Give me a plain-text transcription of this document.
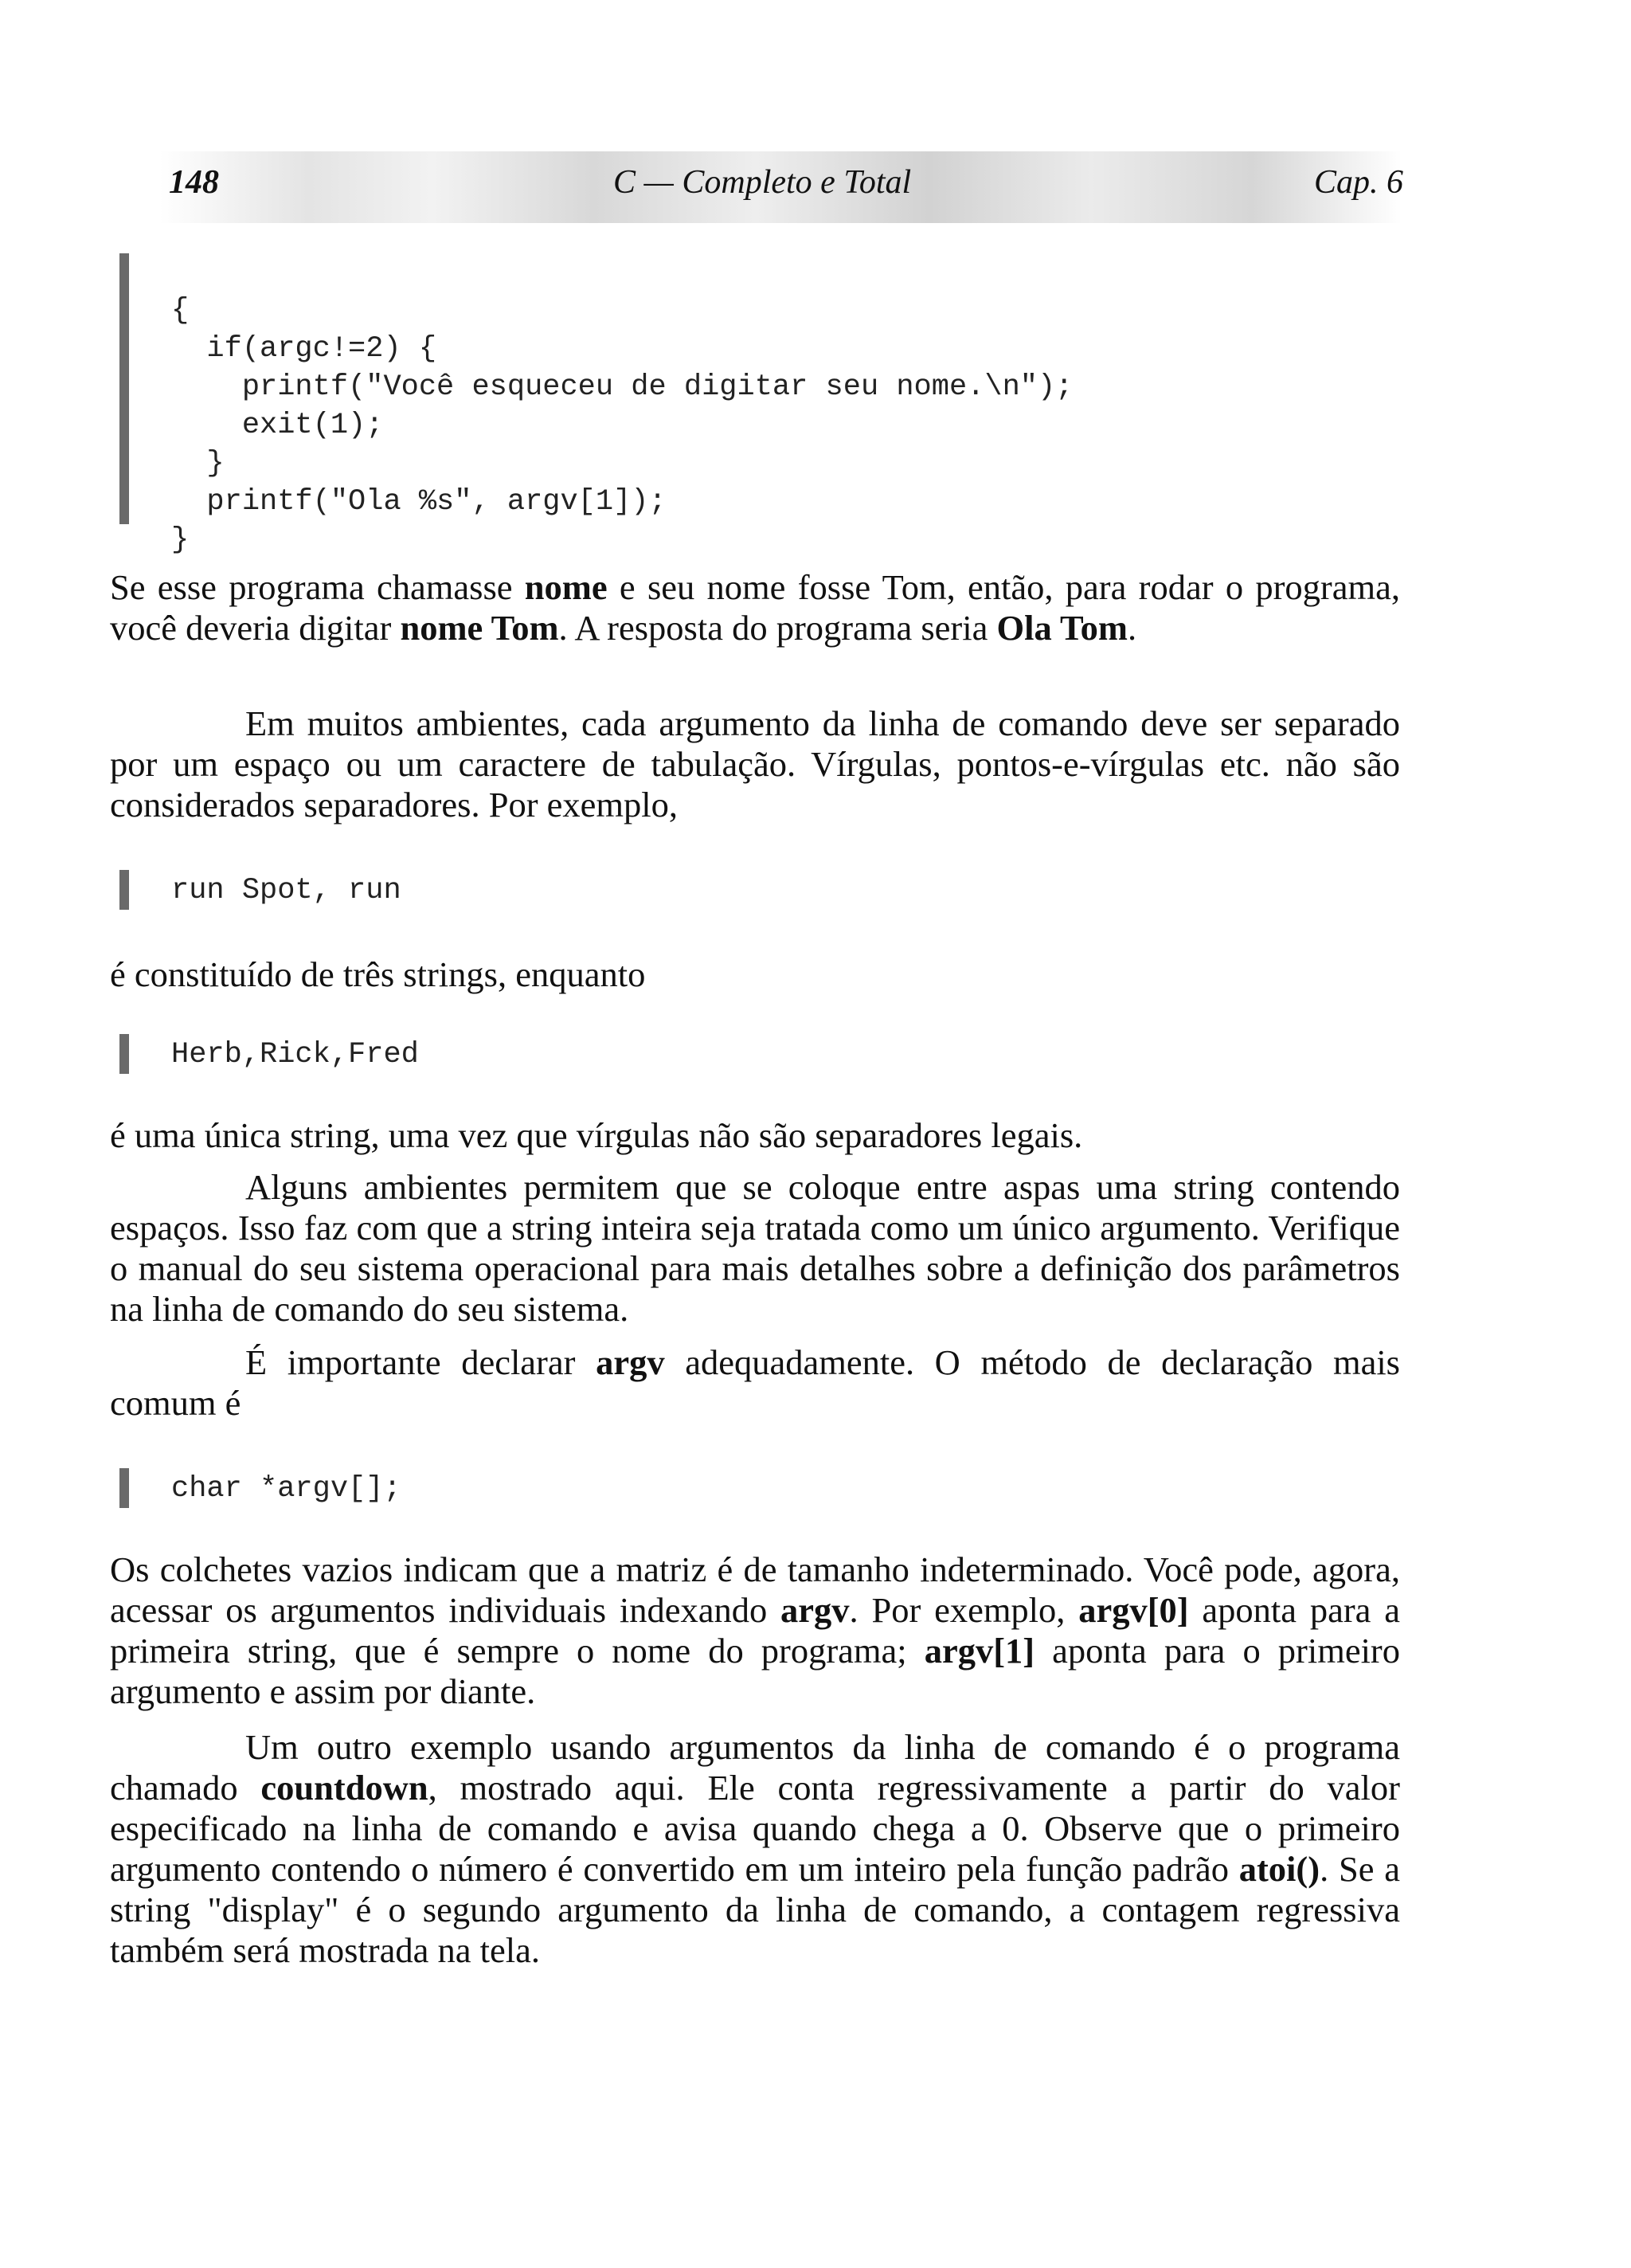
148	C — Completo e Total	Cap. 6

{
if(argc!=2) {
printf("Você esqueceu de digitar seu nome.\n");
exit(1);
}
printf("Ola %s", argv[1]);
}

Se esse programa chamasse nome e seu nome fosse Tom, então, para rodar o programa, você deveria digitar nome Tom. A resposta do programa seria Ola Tom.

Em muitos ambientes, cada argumento da linha de comando deve ser separado por um espaço ou um caractere de tabulação. Vírgulas, pontos-e-vírgulas etc. não são considerados separadores. Por exemplo,

run Spot, run

é constituído de três strings, enquanto

Herb,Rick,Fred

é uma única string, uma vez que vírgulas não são separadores legais.

Alguns ambientes permitem que se coloque entre aspas uma string contendo espaços. Isso faz com que a string inteira seja tratada como um único argumento. Verifique o manual do seu sistema operacional para mais detalhes sobre a definição dos parâmetros na linha de comando do seu sistema.

É importante declarar argv adequadamente. O método de declaração mais comum é

char *argv[];

Os colchetes vazios indicam que a matriz é de tamanho indeterminado. Você pode, agora, acessar os argumentos individuais indexando argv. Por exemplo, argv[0] aponta para a primeira string, que é sempre o nome do programa; argv[1] aponta para o primeiro argumento e assim por diante.

Um outro exemplo usando argumentos da linha de comando é o programa chamado countdown, mostrado aqui. Ele conta regressivamente a partir do valor especificado na linha de comando e avisa quando chega a 0. Observe que o primeiro argumento contendo o número é convertido em um inteiro pela função padrão atoi(). Se a string "display" é o segundo argumento da linha de comando, a contagem regressiva também será mostrada na tela.
